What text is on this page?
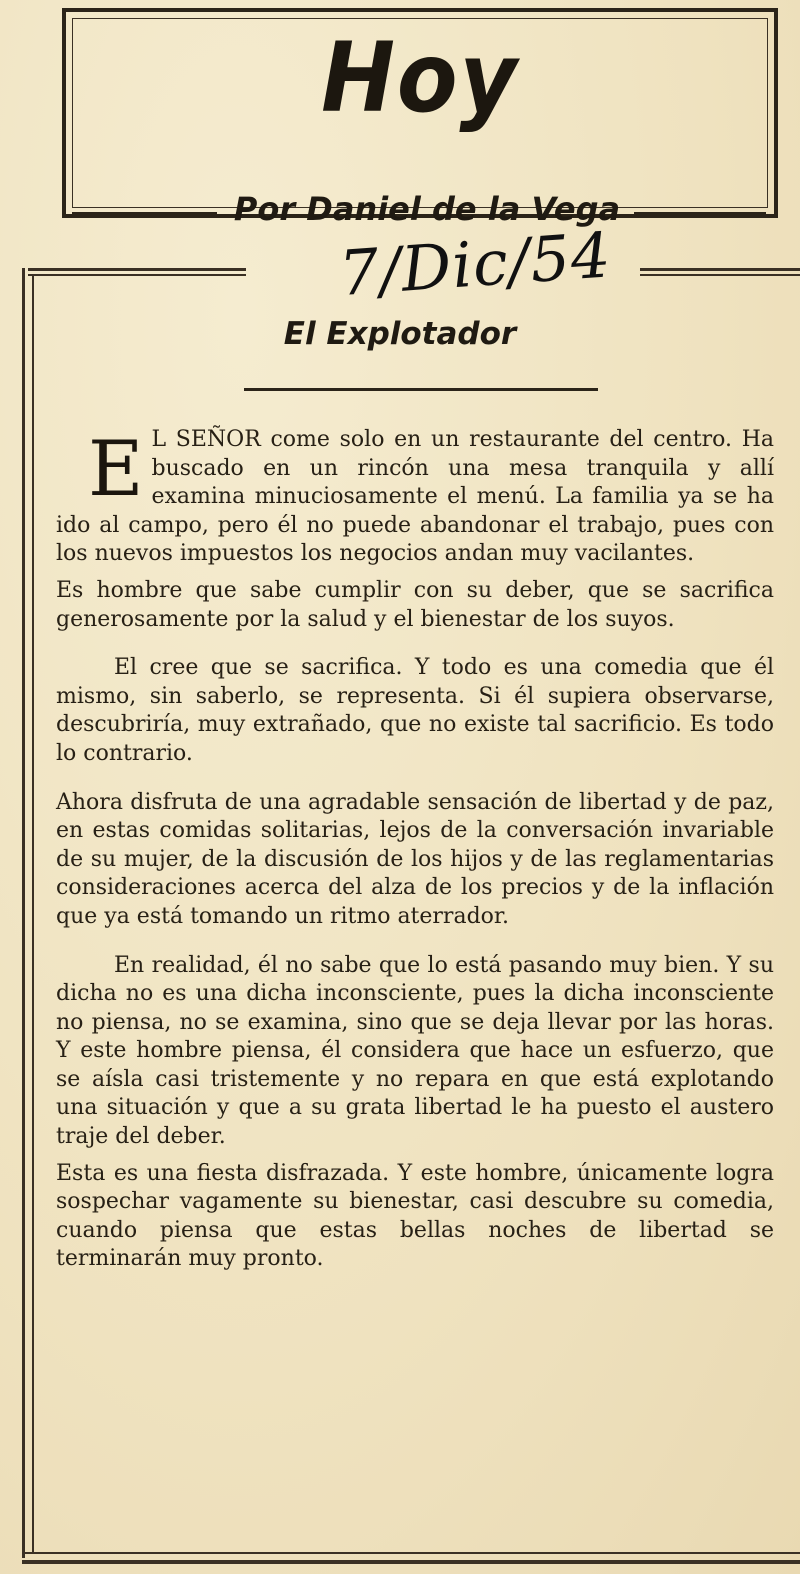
Hoy
Por Daniel de la Vega
7/Dic/54
El Explotador

E L SEÑOR come solo en un restaurante del centro. Ha buscado en un rincón una mesa tranquila y allí examina minuciosamente el menú. La familia ya se ha ido al campo, pero él no puede abandonar el trabajo, pues con los nuevos impuestos los negocios andan muy vacilantes.

Es hombre que sabe cumplir con su deber, que se sacrifica generosamente por la salud y el bienestar de los suyos.

El cree que se sacrifica. Y todo es una comedia que él mismo, sin saberlo, se representa. Si él supiera observarse, descubriría, muy extrañado, que no existe tal sacrificio. Es todo lo contrario.

Ahora disfruta de una agradable sensación de libertad y de paz, en estas comidas solitarias, lejos de la conversación invariable de su mujer, de la discusión de los hijos y de las reglamentarias consideraciones acerca del alza de los precios y de la inflación que ya está tomando un ritmo aterrador.

En realidad, él no sabe que lo está pasando muy bien. Y su dicha no es una dicha inconsciente, pues la dicha inconsciente no piensa, no se examina, sino que se deja llevar por las horas. Y este hombre piensa, él considera que hace un esfuerzo, que se aísla casi tristemente y no repara en que está explotando una situación y que a su grata libertad le ha puesto el austero traje del deber.

Esta es una fiesta disfrazada. Y este hombre, únicamente logra sospechar vagamente su bienestar, casi descubre su comedia, cuando piensa que estas bellas noches de libertad se terminarán muy pronto.
